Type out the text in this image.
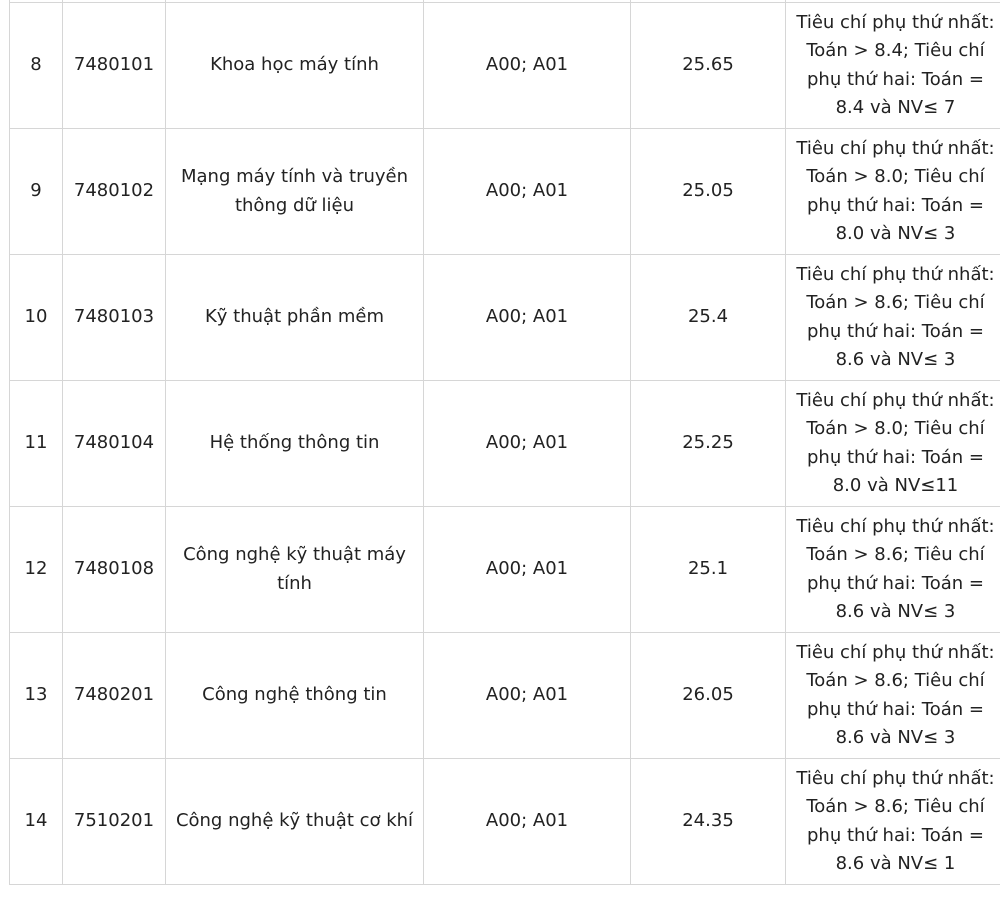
8	7480101	Khoa học máy tính	A00; A01	25.65	Tiêu chí phụ thứ nhất: Toán > 8.4; Tiêu chí phụ thứ hai: Toán = 8.4 và NV≤ 7
9	7480102	Mạng máy tính và truyền thông dữ liệu	A00; A01	25.05	Tiêu chí phụ thứ nhất: Toán > 8.0; Tiêu chí phụ thứ hai: Toán = 8.0 và NV≤ 3
10	7480103	Kỹ thuật phần mềm	A00; A01	25.4	Tiêu chí phụ thứ nhất: Toán > 8.6; Tiêu chí phụ thứ hai: Toán = 8.6 và NV≤ 3
11	7480104	Hệ thống thông tin	A00; A01	25.25	Tiêu chí phụ thứ nhất: Toán > 8.0; Tiêu chí phụ thứ hai: Toán = 8.0 và NV≤11
12	7480108	Công nghệ kỹ thuật máy tính	A00; A01	25.1	Tiêu chí phụ thứ nhất: Toán > 8.6; Tiêu chí phụ thứ hai: Toán = 8.6 và NV≤ 3
13	7480201	Công nghệ thông tin	A00; A01	26.05	Tiêu chí phụ thứ nhất: Toán > 8.6; Tiêu chí phụ thứ hai: Toán = 8.6 và NV≤ 3
14	7510201	Công nghệ kỹ thuật cơ khí	A00; A01	24.35	Tiêu chí phụ thứ nhất: Toán > 8.6; Tiêu chí phụ thứ hai: Toán = 8.6 và NV≤ 1
